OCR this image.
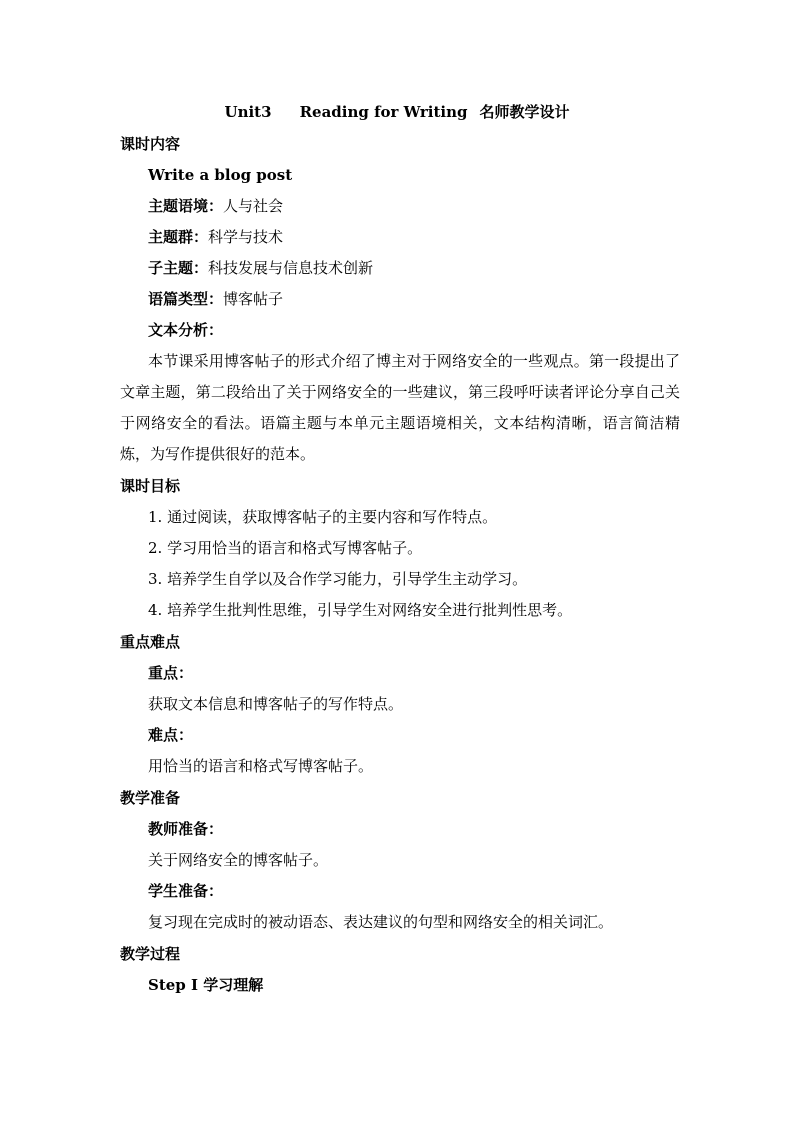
Unit3 Reading for Writing 名师教学设计
课时内容
Write a blog post
主题语境：人与社会
主题群：科学与技术
子主题：科技发展与信息技术创新
语篇类型：博客帖子
文本分析：
本节课采用博客帖子的形式介绍了博主对于网络安全的一些观点。第一段提出了文章主题，第二段给出了关于网络安全的一些建议，第三段呼吁读者评论分享自己关 于网络安全的看法。语篇主题与本单元主题语境相关，文本结构清晰，语言简洁精炼，为写作提供很好的范本。
课时目标
1. 通过阅读，获取博客帖子的主要内容和写作特点。
2. 学习用恰当的语言和格式写博客帖子。
3. 培养学生自学以及合作学习能力，引导学生主动学习。
4. 培养学生批判性思维，引导学生对网络安全进行批判性思考。
重点难点
重点：
获取文本信息和博客帖子的写作特点。
难点：
用恰当的语言和格式写博客帖子。
教学准备
教师准备：
关于网络安全的博客帖子。
学生准备：
复习现在完成时的被动语态、表达建议的句型和网络安全的相关词汇。
教学过程
Step I 学习理解
